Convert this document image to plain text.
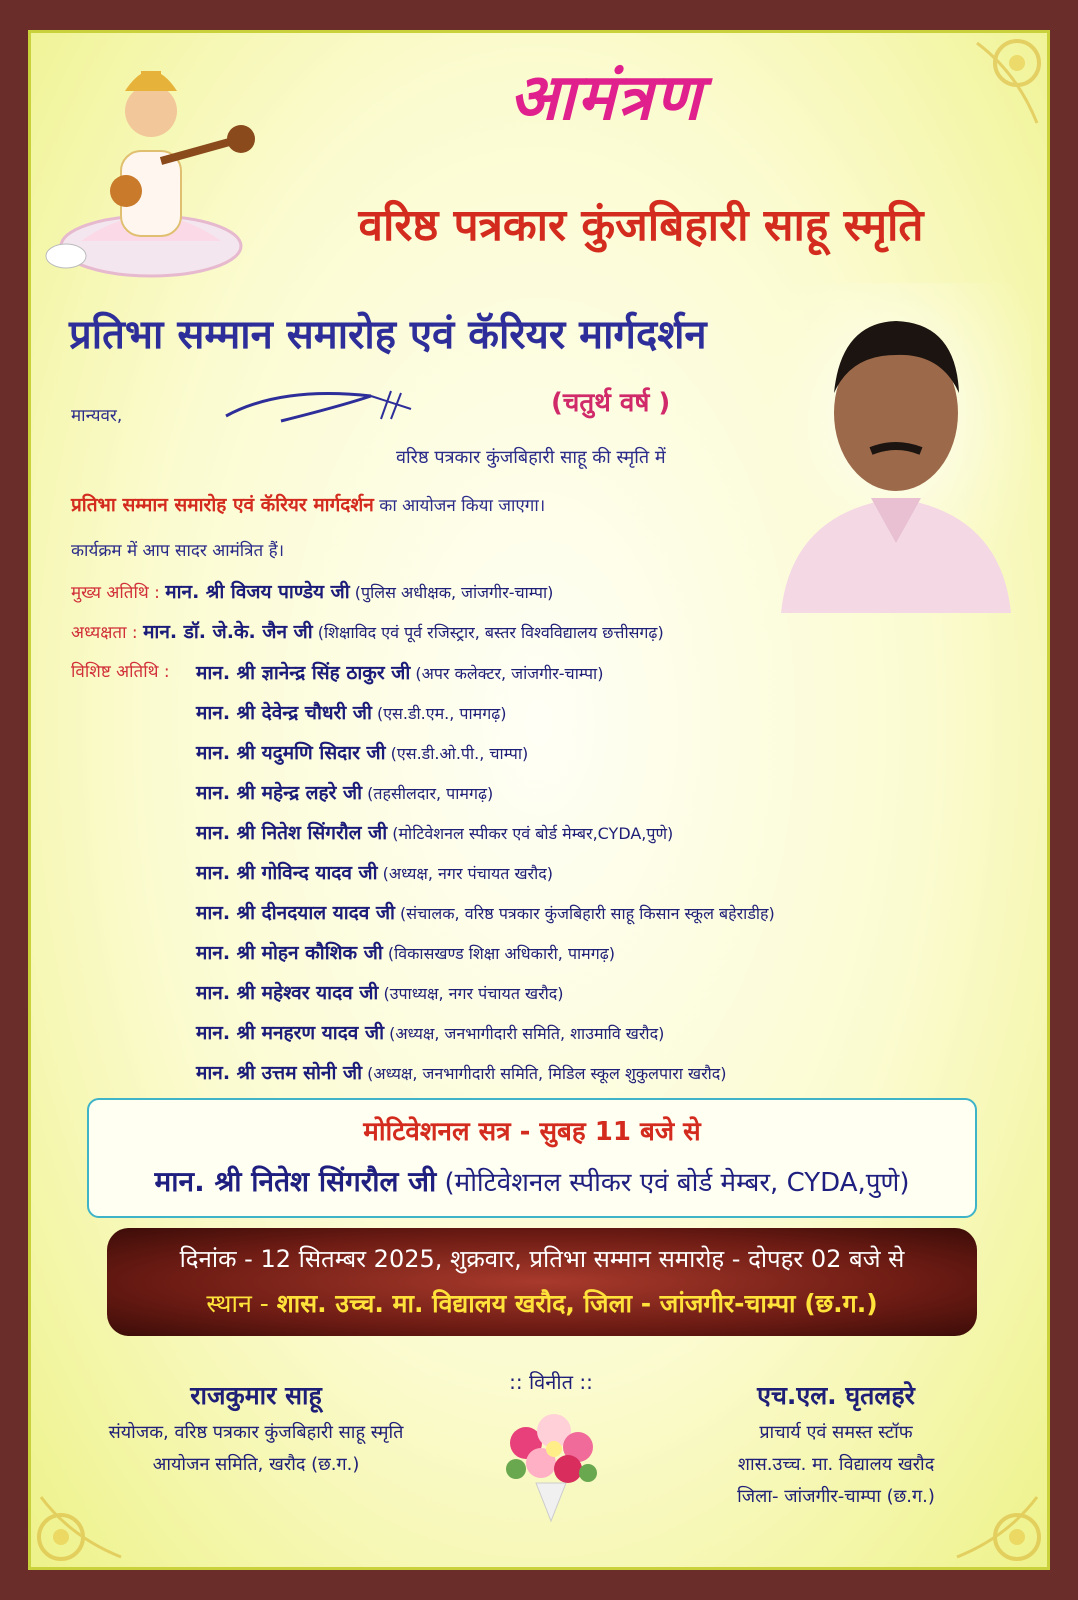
आमंत्रण
वरिष्ठ पत्रकार कुंजबिहारी साहू स्मृति
प्रतिभा सम्मान समारोह एवं कॅरियर मार्गदर्शन
(चतुर्थ वर्ष )
मान्यवर,
वरिष्ठ पत्रकार कुंजबिहारी साहू की स्मृति में
प्रतिभा सम्मान समारोह एवं कॅरियर मार्गदर्शन का आयोजन किया जाएगा।
कार्यक्रम में आप सादर आमंत्रित हैं।
मुख्य अतिथि : मान. श्री विजय पाण्डेय जी (पुलिस अधीक्षक, जांजगीर-चाम्पा)
अध्यक्षता : मान. डॉ. जे.के. जैन जी (शिक्षाविद एवं पूर्व रजिस्ट्रार, बस्तर विश्वविद्यालय छत्तीसगढ़)
विशिष्ट अतिथि : मान. श्री ज्ञानेन्द्र सिंह ठाकुर जी (अपर कलेक्टर, जांजगीर-चाम्पा)
मान. श्री देवेन्द्र चौधरी जी (एस.डी.एम., पामगढ़)
मान. श्री यदुमणि सिदार जी (एस.डी.ओ.पी., चाम्पा)
मान. श्री महेन्द्र लहरे जी (तहसीलदार, पामगढ़)
मान. श्री नितेश सिंगरौल जी (मोटिवेशनल स्पीकर एवं बोर्ड मेम्बर,CYDA,पुणे)
मान. श्री गोविन्द यादव जी (अध्यक्ष, नगर पंचायत खरौद)
मान. श्री दीनदयाल यादव जी (संचालक, वरिष्ठ पत्रकार कुंजबिहारी साहू किसान स्कूल बहेराडीह)
मान. श्री मोहन कौशिक जी (विकासखण्ड शिक्षा अधिकारी, पामगढ़)
मान. श्री महेश्वर यादव जी (उपाध्यक्ष, नगर पंचायत खरौद)
मान. श्री मनहरण यादव जी (अध्यक्ष, जनभागीदारी समिति, शाउमावि खरौद)
मान. श्री उत्तम सोनी जी (अध्यक्ष, जनभागीदारी समिति, मिडिल स्कूल शुकुलपारा खरौद)
मोटिवेशनल सत्र - सुबह 11 बजे से
मान. श्री नितेश सिंगरौल जी (मोटिवेशनल स्पीकर एवं बोर्ड मेम्बर, CYDA,पुणे)
दिनांक - 12 सितम्बर 2025, शुक्रवार, प्रतिभा सम्मान समारोह - दोपहर 02 बजे से
स्थान - शास. उच्च. मा. विद्यालय खरौद, जिला - जांजगीर-चाम्पा (छ.ग.)
राजकुमार साहू
संयोजक, वरिष्ठ पत्रकार कुंजबिहारी साहू स्मृति
आयोजन समिति, खरौद (छ.ग.)
:: विनीत ::	एच.एल. घृतलहरे
प्राचार्य एवं समस्त स्टॉफ
शास.उच्च. मा. विद्यालय खरौद
जिला- जांजगीर-चाम्पा (छ.ग.)
